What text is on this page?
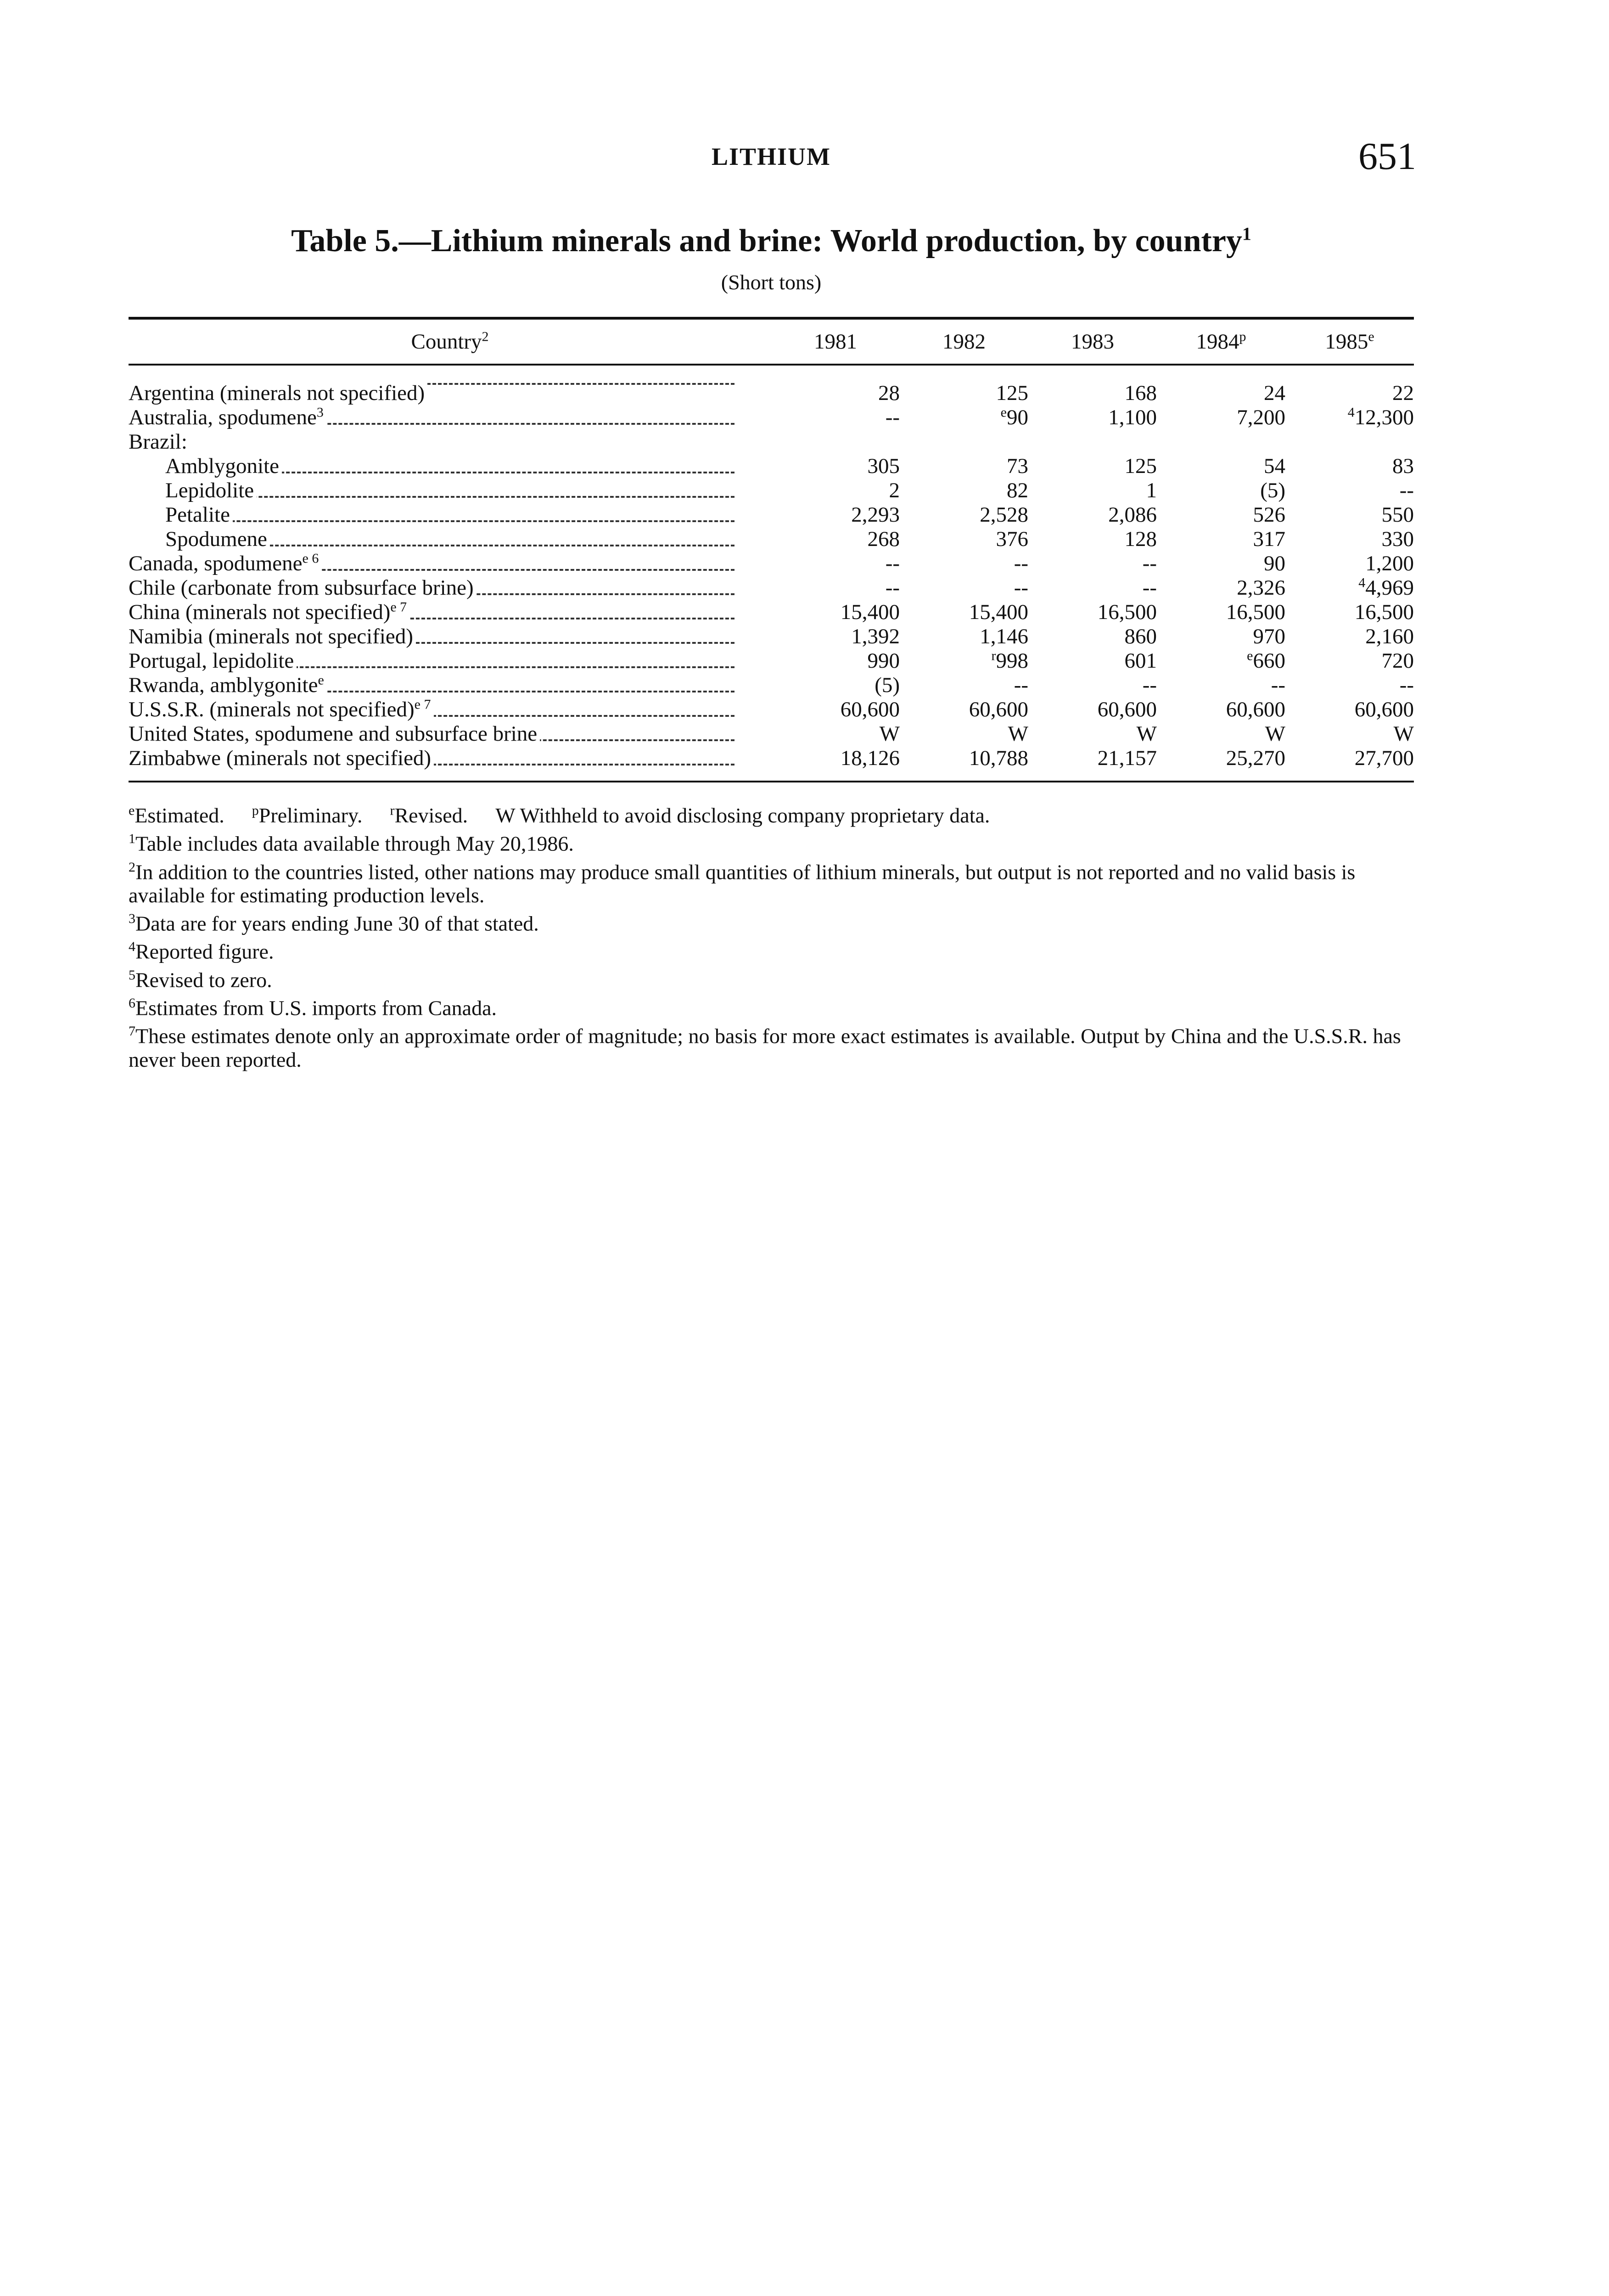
LITHIUM	651
Table 5.—Lithium minerals and brine: World production, by country$^1$
(Short tons)
Country$^2$	1981	1982	1983	1984$^p$	1985e
Argentina (minerals not specified)	28	125	168	24	22
Australia, spodumene$^3$	--	$^e$90	1,100	7,200	$^4$12,300
Brazil:					
Amblygonite	305	73	125	54	83
Lepidolite	2	82	1	(5)	--
Petalite	2,293	2,528	2,086	526	550
Spodumene	268	376	128	317	330
Canada, spodumene$^{e 6}$	--	--	--	90	1,200
Chile (carbonate from subsurface brine)	--	--	--	2,326	$^4$4,969
China (minerals not specified)$^{e 7}$	15,400	15,400	16,500	16,500	16,500
Namibia (minerals not specified)	1,392	1,146	860	970	2,160
Portugal, lepidolite	990	$^r$998	601	$^e$660	720
Rwanda, amblygonite$^e$	(5)	--	--	--	--
U.S.S.R. (minerals not specified)$^{e 7}$	60,600	60,600	60,600	60,600	60,600
United States, spodumene and subsurface brine	W	W	W	W	W
Zimbabwe (minerals not specified)	18,126	10,788	21,157	25,270	27,700

$^e$Estimated. $^p$Preliminary. $^r$Revised. W Withheld to avoid disclosing company proprietary data.

$^1$Table includes data available through May 20,1986.

$^2$In addition to the countries listed, other nations may produce small quantities of lithium minerals, but output is not reported and no valid basis is available for estimating production levels.

$^3$Data are for years ending June 30 of that stated.

$^4$Reported figure.

$^5$Revised to zero.

$^6$Estimates from U.S. imports from Canada.

$^7$These estimates denote only an approximate order of magnitude; no basis for more exact estimates is available. Output by China and the U.S.S.R. has never been reported.
